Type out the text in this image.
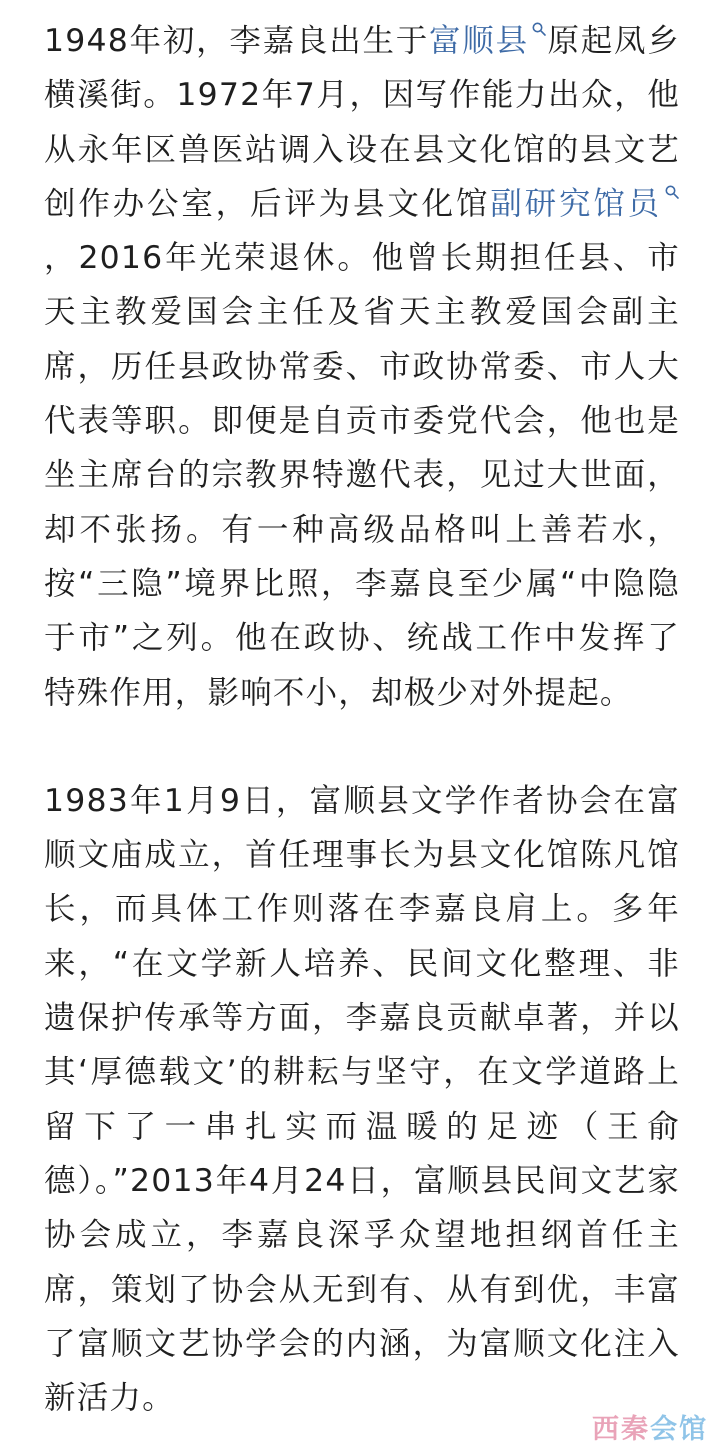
1948年初，李嘉良出生于富顺县 原起凤乡横溪街。1972年7月，因写作能力出众，他从永年区兽医站调入设在县文化馆的县文艺创作办公室，后评为县文化馆副研究馆员，2016年光荣退休。他曾长期担任县、市天主教爱国会主任及省天主教爱国会副主席，历任县政协常委、市政协常委、市人大代表等职。即便是自贡市委党代会，他也是坐主席台的宗教界特邀代表，见过大世面，却不张扬。有一种高级品格叫上善若水，按“三隐”境界比照，李嘉良至少属“中隐隐于市”之列。他在政协、统战工作中发挥了特殊作用，影响不小，却极少对外提起。

1983年1月9日，富顺县文学作者协会在富顺文庙成立，首任理事长为县文化馆陈凡馆长，而具体工作则落在李嘉良肩上。多年来，“在文学新人培养、民间文化整理、非遗保护传承等方面，李嘉良贡献卓著，并以其‘厚德载文’的耕耘与坚守，在文学道路上留下了一串扎实而温暖的足迹（王俞德）。”2013年4月24日，富顺县民间文艺家协会成立，李嘉良深孚众望地担纲首任主席，策划了协会从无到有、从有到优，丰富了富顺文艺协学会的内涵，为富顺文化注入新活力。

西秦会馆
